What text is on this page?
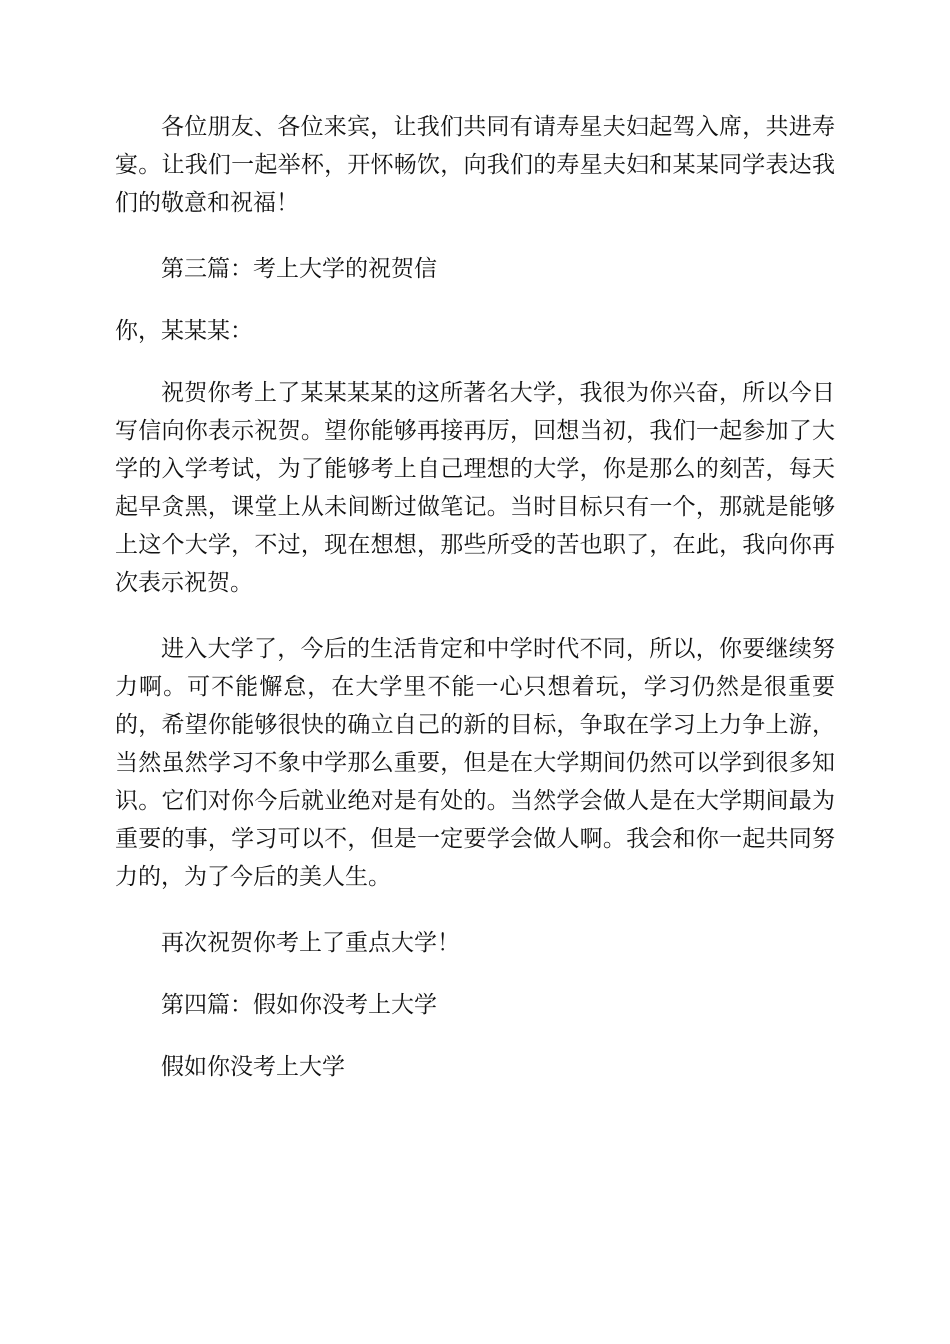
各位朋友、各位来宾，让我们共同有请寿星夫妇起驾入席，共进寿宴。让我们一起举杯，开怀畅饮，向我们的寿星夫妇和某某同学表达我们的敬意和祝福！

第三篇：考上大学的祝贺信

你，某某某：

祝贺你考上了某某某某的这所著名大学，我很为你兴奋，所以今日写信向你表示祝贺。望你能够再接再厉，回想当初，我们一起参加了大学的入学考试，为了能够考上自己理想的大学，你是那么的刻苦，每天起早贪黑，课堂上从未间断过做笔记。当时目标只有一个，那就是能够上这个大学，不过，现在想想，那些所受的苦也职了，在此，我向你再次表示祝贺。

进入大学了，今后的生活肯定和中学时代不同，所以，你要继续努力啊。可不能懈怠，在大学里不能一心只想着玩，学习仍然是很重要的，希望你能够很快的确立自己的新的目标，争取在学习上力争上游，当然虽然学习不象中学那么重要，但是在大学期间仍然可以学到很多知识。它们对你今后就业绝对是有处的。当然学会做人是在大学期间最为重要的事，学习可以不，但是一定要学会做人啊。我会和你一起共同努力的，为了今后的美人生。

再次祝贺你考上了重点大学！

第四篇：假如你没考上大学

假如你没考上大学
